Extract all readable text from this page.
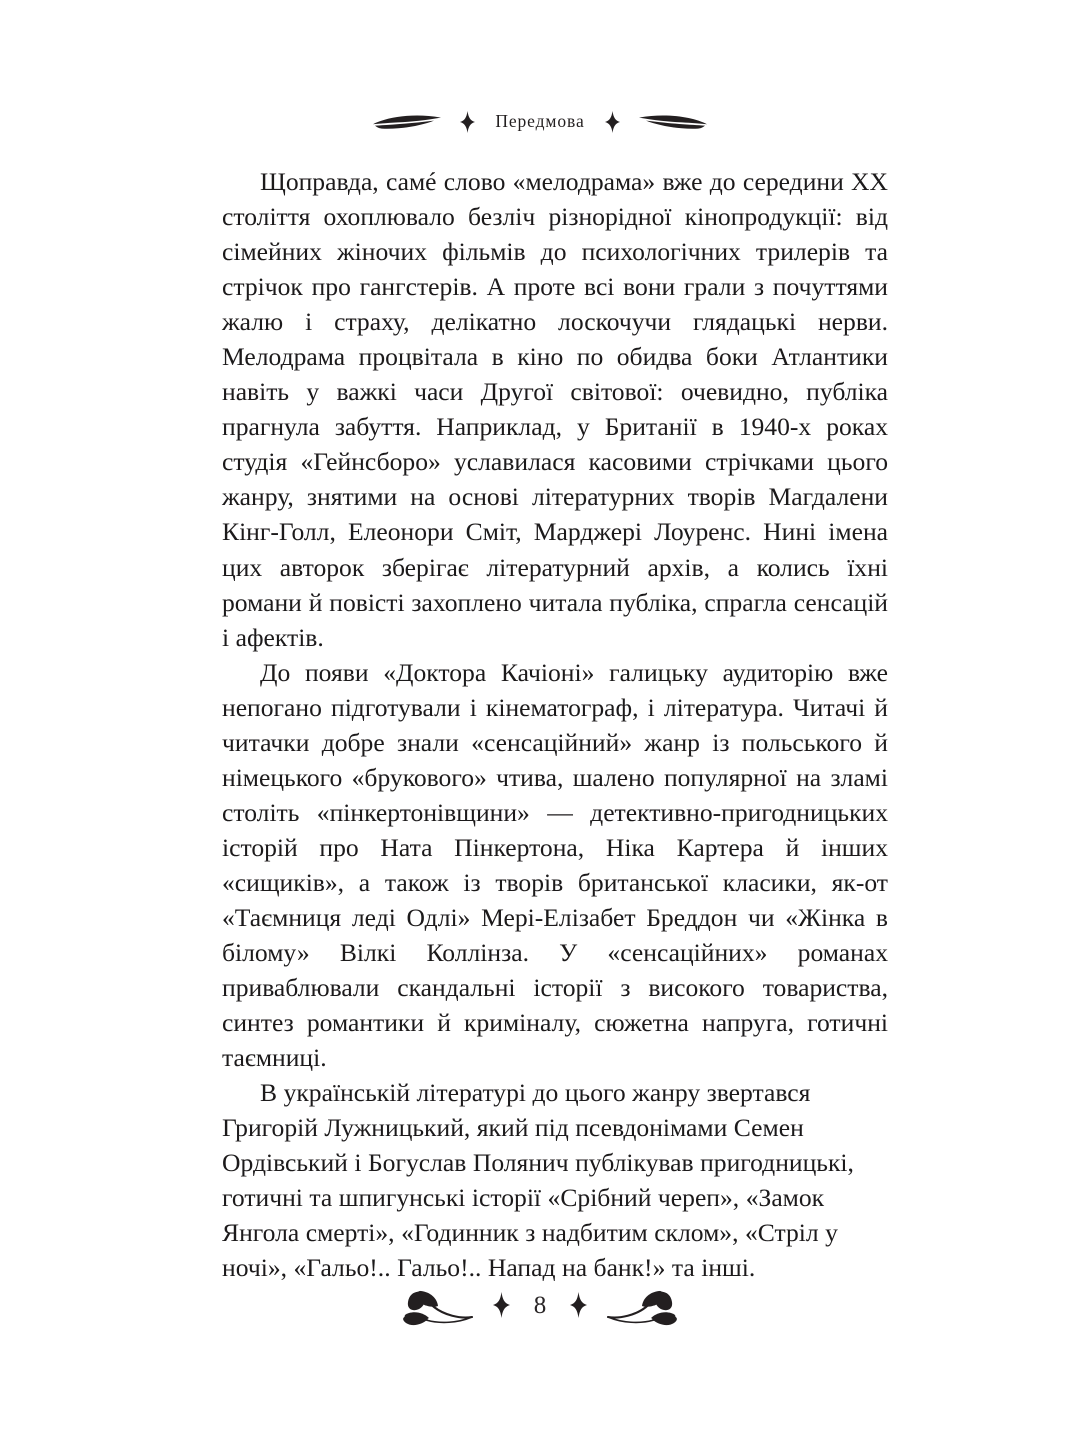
Передмова

Щоправда, самé слово «мелодрама» вже до середини XX століття охоплювало безліч різнорідної кінопродукції: від сімейних жіночих фільмів до психологічних трилерів та стрічок про гангстерів. А проте всі вони грали з почуттями жалю і страху, делікатно лоскочучи глядацькі нерви. Мелодрама процвітала в кіно по обидва боки Атлантики навіть у важкі часи Другої світової: очевидно, публіка прагнула забуття. Наприклад, у Британії в 1940-х роках студія «Гейнсборо» уславилася касовими стрічками цього жанру, знятими на основі літературних творів Магдалени Кінг-Голл, Елеонори Сміт, Марджері Лоуренс. Нині імена цих авторок зберігає літературний архів, а колись їхні романи й повісті захоплено читала публіка, спрагла сенсацій і афектів.

До появи «Доктора Качіоні» галицьку аудиторію вже непогано підготували і кінематограф, і література. Читачі й читачки добре знали «сенсаційний» жанр із польського й німецького «брукового» чтива, шалено популярної на зламі століть «пінкертонівщини» — детективно-пригодницьких історій про Ната Пінкертона, Ніка Картера й інших «сищиків», а також із творів британської класики, як-от «Таємниця леді Одлі» Мері-Елізабет Бреддон чи «Жінка в білому» Вілкі Коллінза. У «сенсаційних» романах приваблювали скандальні історії з високого товариства, синтез романтики й криміналу, сюжетна напруга, готичні таємниці.

В українській літературі до цього жанру звертався Григорій Лужницький, який під псевдонімами Семен Ордівський і Богуслав Полянич публікував пригодницькі, готичні та шпигунські історії «Срібний череп», «Замок Янгола смерті», «Годинник з надбитим склом», «Стріл у ночі», «Гальо!.. Гальо!.. Напад на банк!» та інші.

8
